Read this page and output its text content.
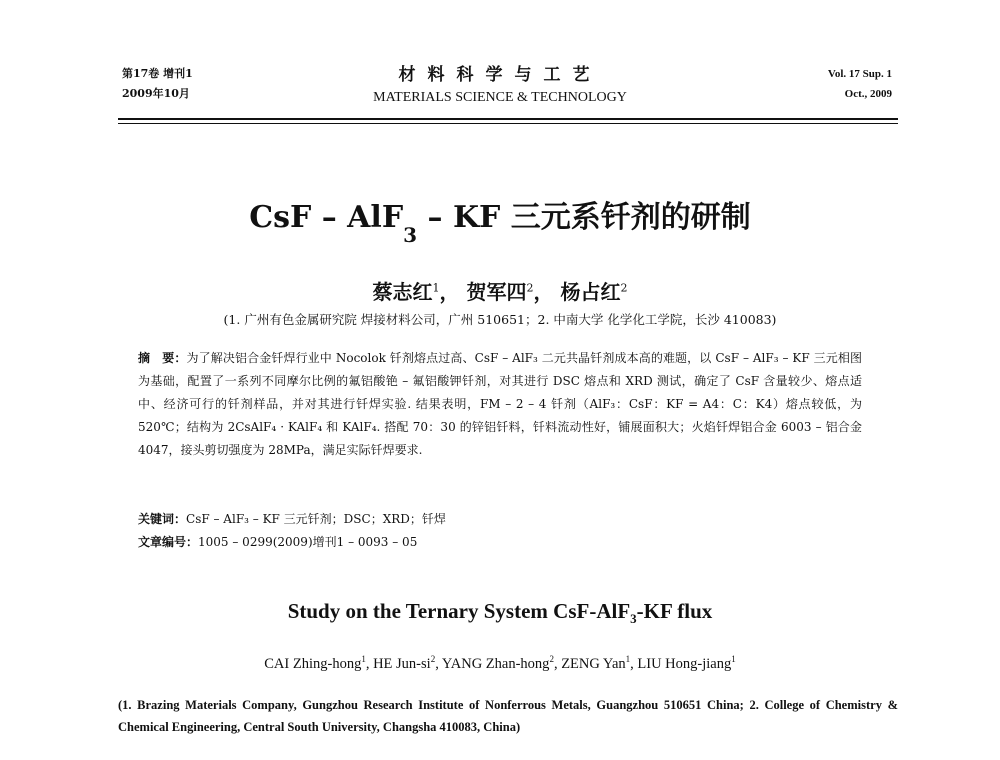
第17卷 增刊1
2009年10月
材料科学与工艺
MATERIALS SCIENCE & TECHNOLOGY
Vol. 17 Sup. 1
Oct., 2009
CsF – AlF$_3$ – KF 三元系钎剂的研制
蔡志红$^1$， 贺军四$^2$， 杨占红$^2$
(1. 广州有色金属研究院 焊接材料公司，广州 510651；2. 中南大学 化学化工学院，长沙 410083)
摘　要：为了解决铝合金钎焊行业中 Nocolok 钎剂熔点过高、CsF – AlF₃ 二元共晶钎剂成本高的难题，以 CsF – AlF₃ – KF 三元相图为基础，配置了一系列不同摩尔比例的氟铝酸铯 – 氟铝酸钾钎剂，对其进行 DSC 熔点和 XRD 测试，确定了 CsF 含量较少、熔点适中、经济可行的钎剂样品，并对其进行钎焊实验. 结果表明，FM – 2 – 4 钎剂（AlF₃：CsF：KF = A4：C：K4）熔点较低，为 520℃；结构为 2CsAlF₄ · KAlF₄ 和 KAlF₄. 搭配 70：30 的锌铝钎料，钎料流动性好，铺展面积大；火焰钎焊铝合金 6003 – 铝合金 4047，接头剪切强度为 28MPa，满足实际钎焊要求.
关键词：CsF – AlF₃ – KF 三元钎剂；DSC；XRD；钎焊
文章编号：1005 – 0299(2009)增刊1 – 0093 – 05
Study on the Ternary System CsF-AlF$_3$-KF flux
CAI Zhing-hong$^1$, HE Jun-$si^2$, YANG Zhan-hong$^2$, ZENG Yan$^1$, LIU Hong-jiang$^1$
(1. Brazing Materials Company, Gungzhou Research Institute of Nonferrous Metals, Guangzhou 510651 China; 2. College of Chemistry & Chemical Engineering, Central South University, Changsha 410083, China)
